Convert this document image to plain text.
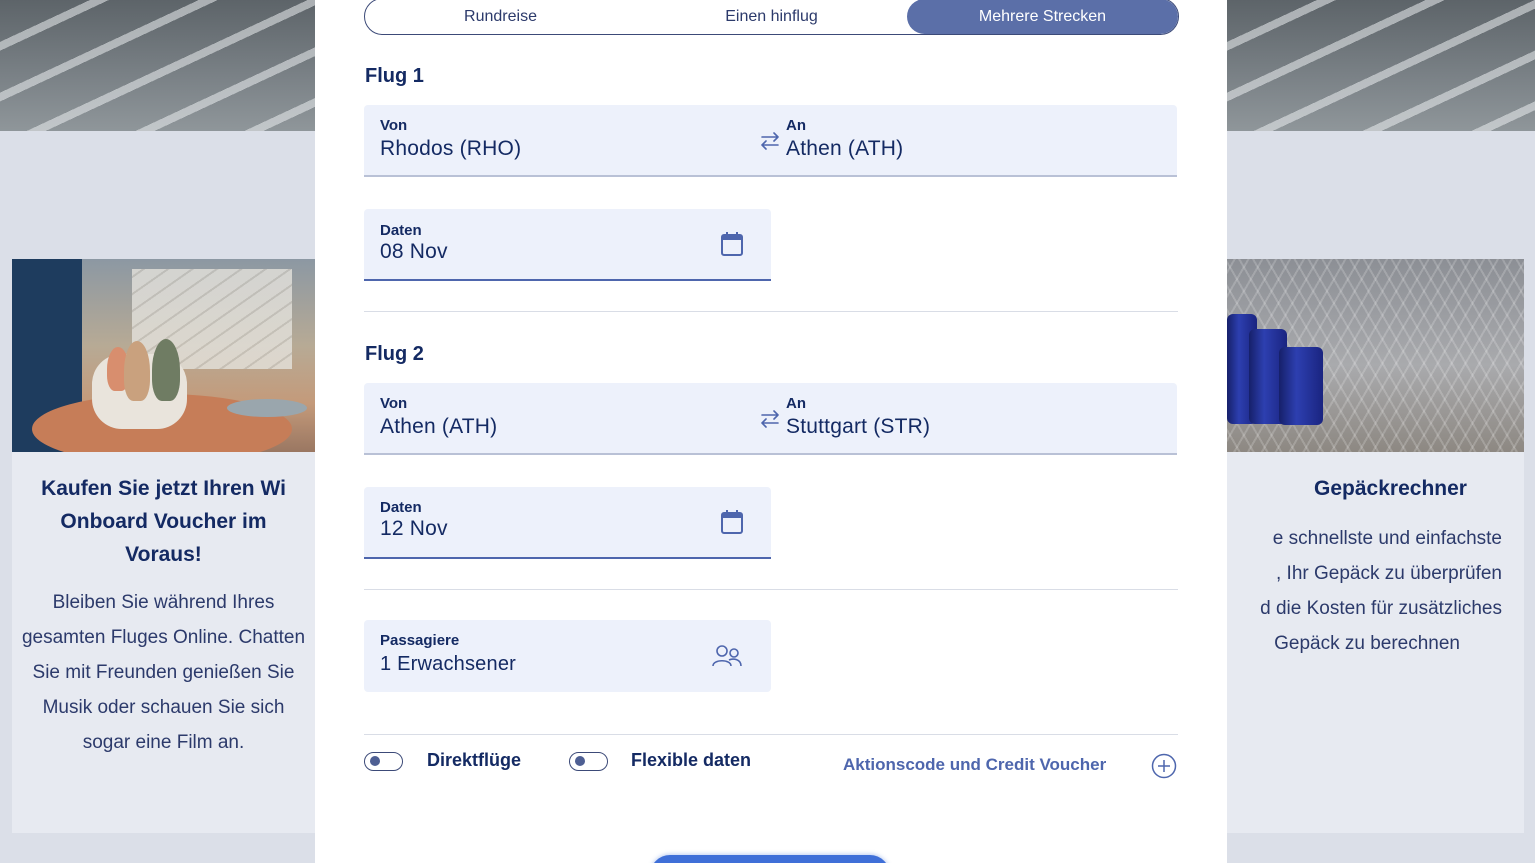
Kaufen Sie jetzt Ihren Wi Onboard Voucher im Voraus!
Bleiben Sie während Ihres gesamten Fluges Online. Chatten Sie mit Freunden genießen Sie Musik oder schauen Sie sich sogar eine Film an.
Gepäckrechner
e schnellste und einfachste
, Ihr Gepäck zu überprüfen
d die Kosten für zusätzliches
Gepäck zu berechnen
Rundreise	Einen hinflug	Mehrere Strecken
Flug 1
Von
Rhodos (RHO)
An
Athen (ATH)
Daten
08 Nov
Flug 2
Von
Athen (ATH)
An
Stuttgart (STR)
Daten
12 Nov
Passagiere
1 Erwachsener
Direktflüge	Flexible daten	Aktionscode und Credit Voucher
